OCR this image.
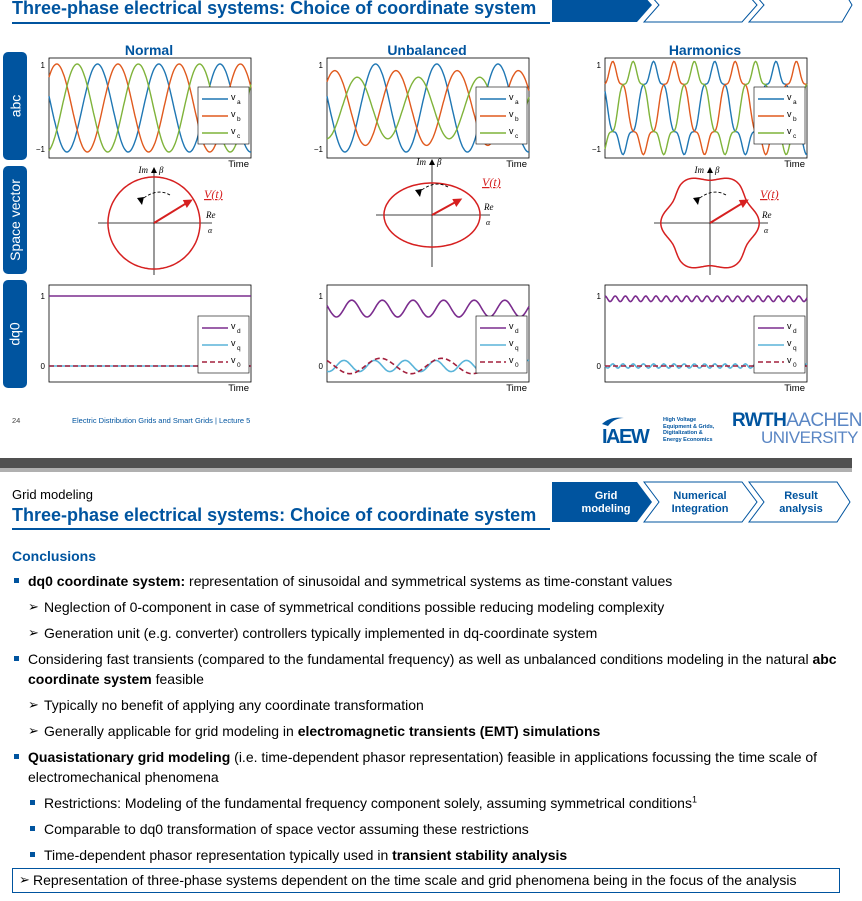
Three-phase electrical systems: Choice of coordinate system
abc
Space vector
dq0
Normal	Unbalanced	Harmonics
1
−1
Time
v
a
v
b
v
c
1
−1
Time
v
a
v
b
v
c
1
−1
Time
v
a
v
b
v
c
Im β
Re
α
V(t)
Im β
Re
α
V(t)
Im β
Re
α
V(t)
1
0
Time
v
d
v
q
v
0
1
0
Time
v
d
v
q
v
0
1
0
Time
v
d
v
q
v
0
24	Electric Distribution Grids and Smart Grids | Lecture 5
IAEW
High Voltage
Equipment & Grids,
Digitalization &
Energy Economics
RWTHAACHEN
UNIVERSITY
Grid modeling
Three-phase electrical systems: Choice of coordinate system
Grid
modeling
Numerical
Integration
Result
analysis
Conclusions
dq0 coordinate system: representation of sinusoidal and symmetrical systems as time-constant values
➢ Neglection of 0-component in case of symmetrical conditions possible reducing modeling complexity
➢ Generation unit (e.g. converter) controllers typically implemented in dq-coordinate system
Considering fast transients (compared to the fundamental frequency) as well as unbalanced conditions modeling in the natural abc coordinate system feasible
➢ Typically no benefit of applying any coordinate transformation
➢ Generally applicable for grid modeling in electromagnetic transients (EMT) simulations
Quasistationary grid modeling (i.e. time-dependent phasor representation) feasible in applications focussing the time scale of electromechanical phenomena
Restrictions: Modeling of the fundamental frequency component solely, assuming symmetrical conditions$^1$
Comparable to dq0 transformation of space vector assuming these restrictions
Time-dependent phasor representation typically used in transient stability analysis
➢ Representation of three-phase systems dependent on the time scale and grid phenomena being in the focus of the analysis
